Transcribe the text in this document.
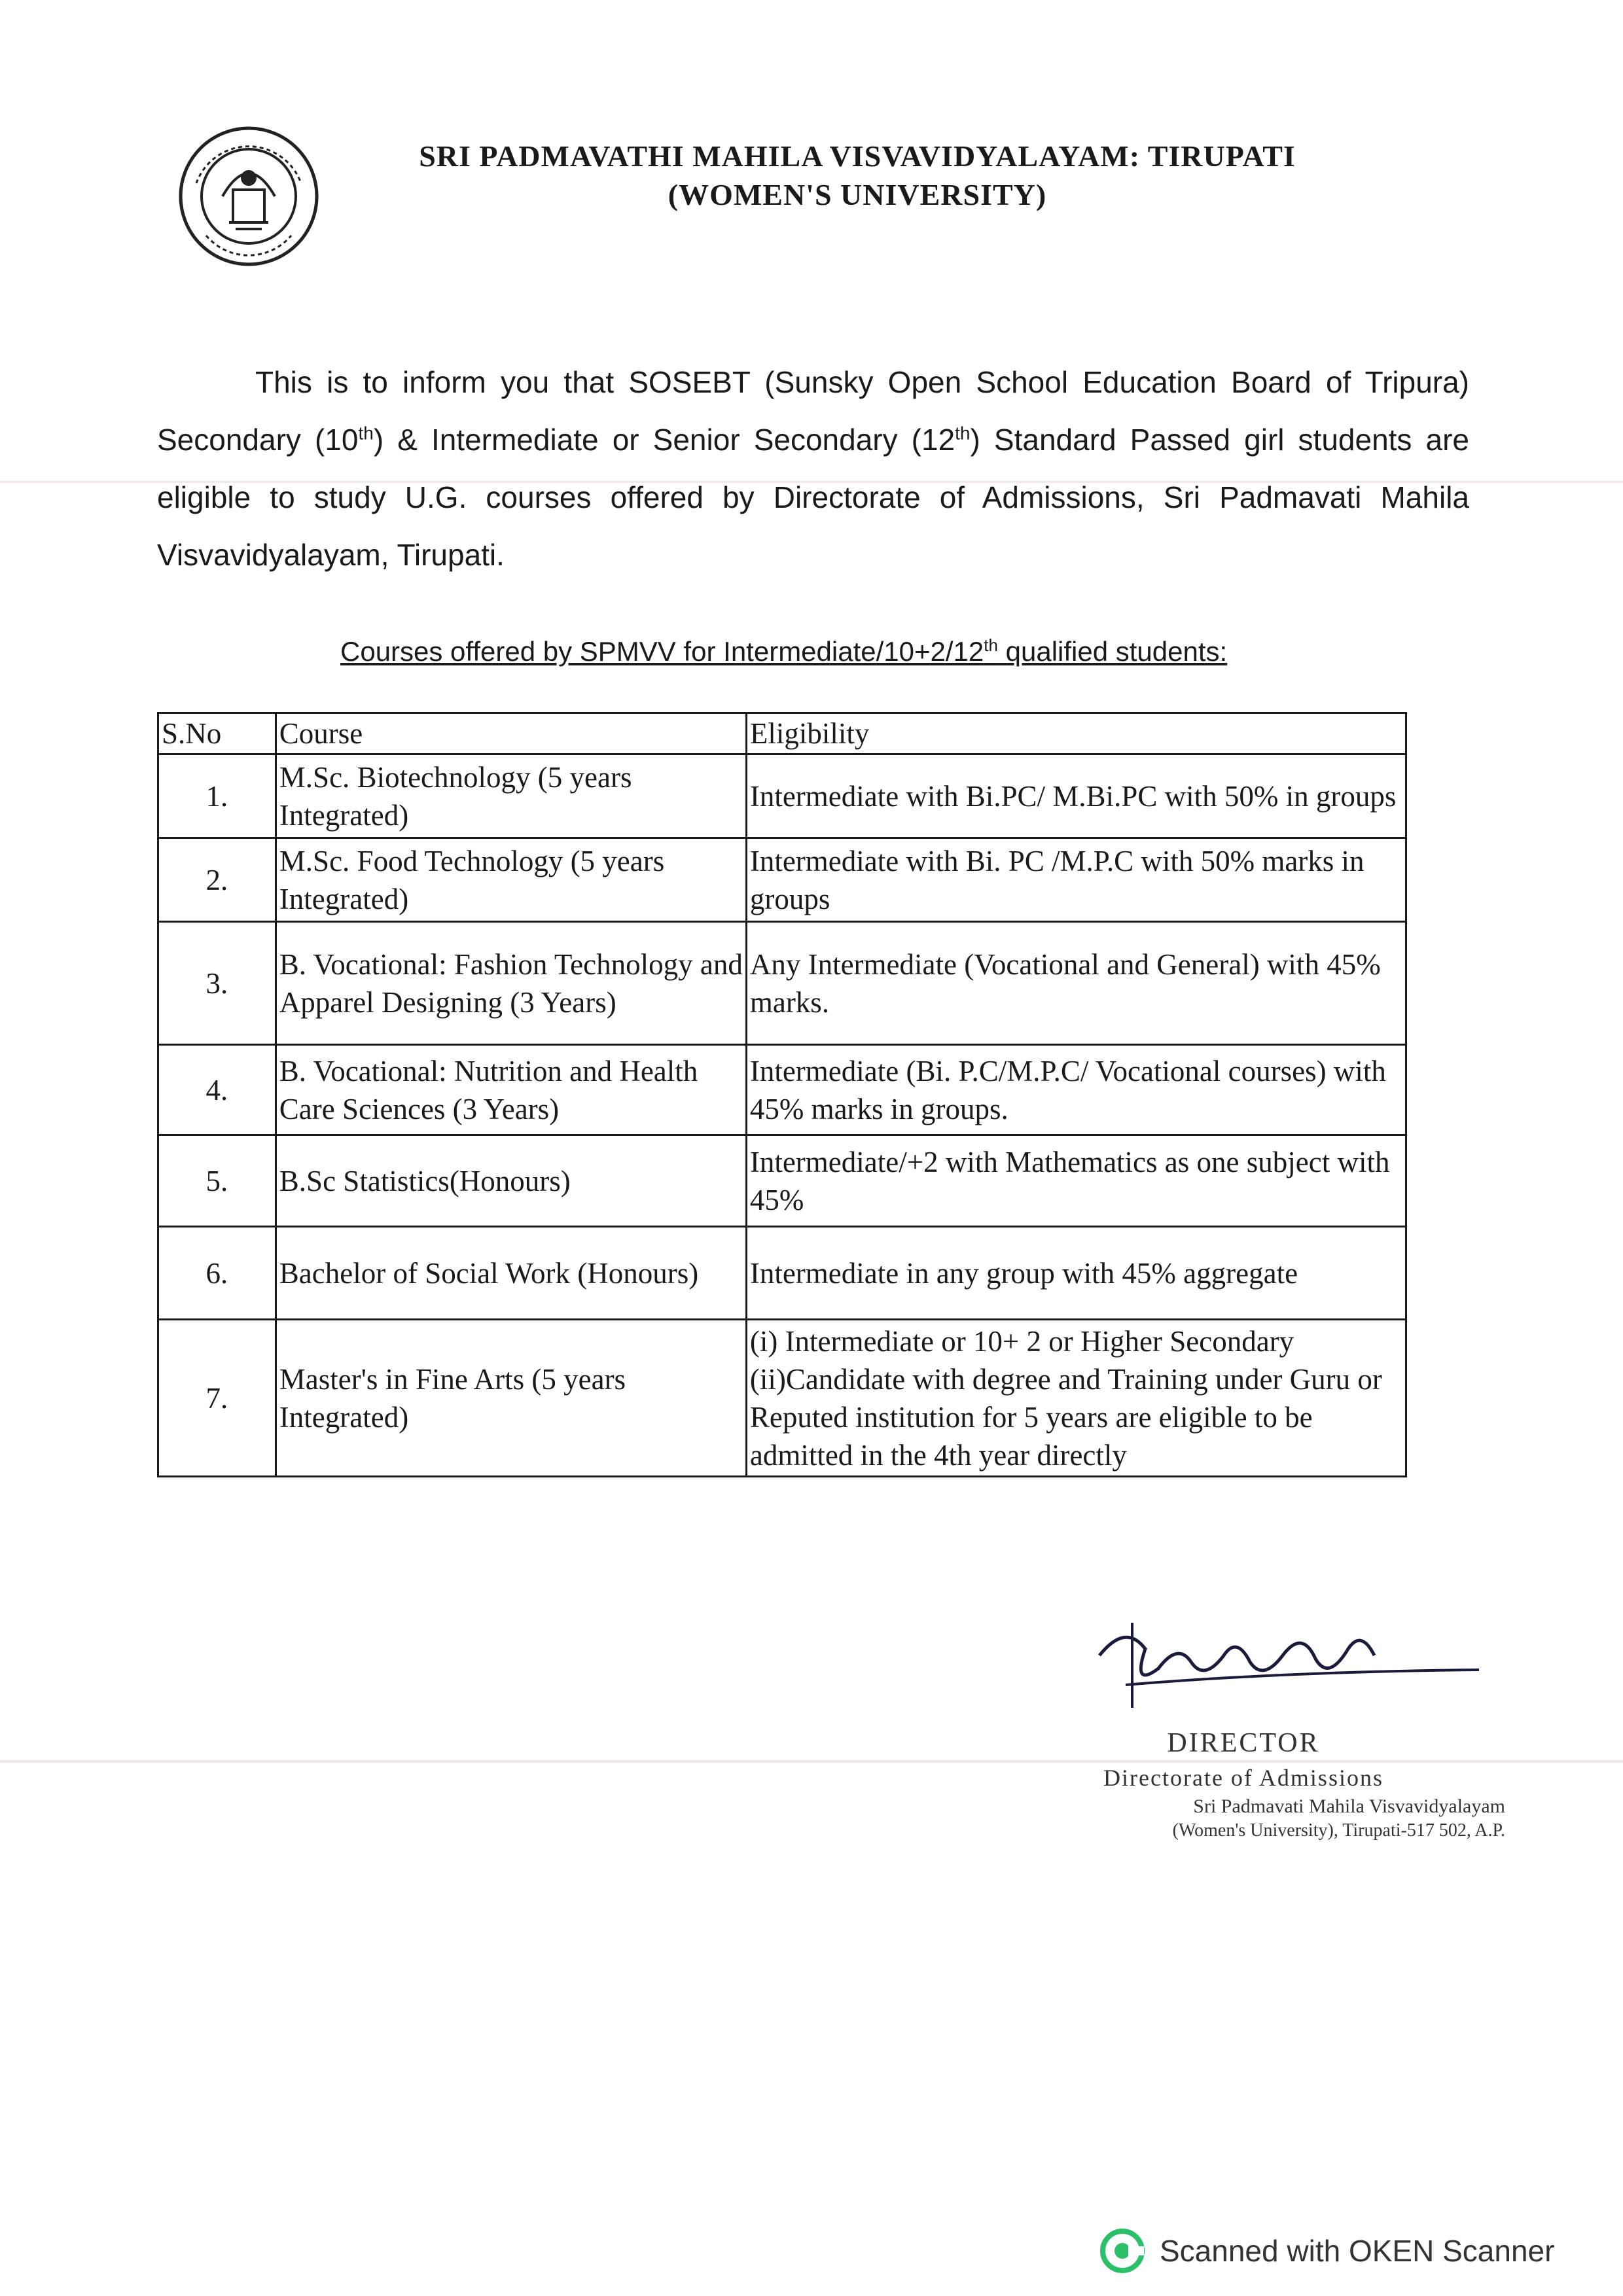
SRI PADMAVATHI MAHILA VISVAVIDYALAYAM: TIRUPATI
(WOMEN'S UNIVERSITY)
This is to inform you that SOSEBT (Sunsky Open School Education Board of Tripura) Secondary (10th) & Intermediate or Senior Secondary (12th) Standard Passed girl students are eligible to study U.G. courses offered by Directorate of Admissions, Sri Padmavati Mahila Visvavidyalayam, Tirupati.
Courses offered by SPMVV for Intermediate/10+2/12th qualified students:
S.No	Course	Eligibility
1.	M.Sc. Biotechnology (5 years Integrated)	Intermediate with Bi.PC/ M.Bi.PC with 50% in groups
2.	M.Sc. Food Technology (5 years Integrated)	Intermediate with Bi. PC /M.P.C with 50% marks in groups
3.	B. Vocational: Fashion Technology and Apparel Designing (3 Years)	Any Intermediate (Vocational and General) with 45% marks.
4.	B. Vocational: Nutrition and Health Care Sciences (3 Years)	Intermediate (Bi. P.C/M.P.C/ Vocational courses) with 45% marks in groups.
5.	B.Sc Statistics(Honours)	Intermediate/+2 with Mathematics as one subject with 45%
6.	Bachelor of Social Work (Honours)	Intermediate in any group with 45% aggregate
7.	Master's in Fine Arts (5 years Integrated)	(i) Intermediate or 10+ 2 or Higher Secondary (ii)Candidate with degree and Training under Guru or Reputed institution for 5 years are eligible to be admitted in the 4th year directly
DIRECTOR
Directorate of Admissions
Sri Padmavati Mahila Visvavidyalayam
(Women's University), Tirupati-517 502, A.P.
Scanned with OKEN Scanner
